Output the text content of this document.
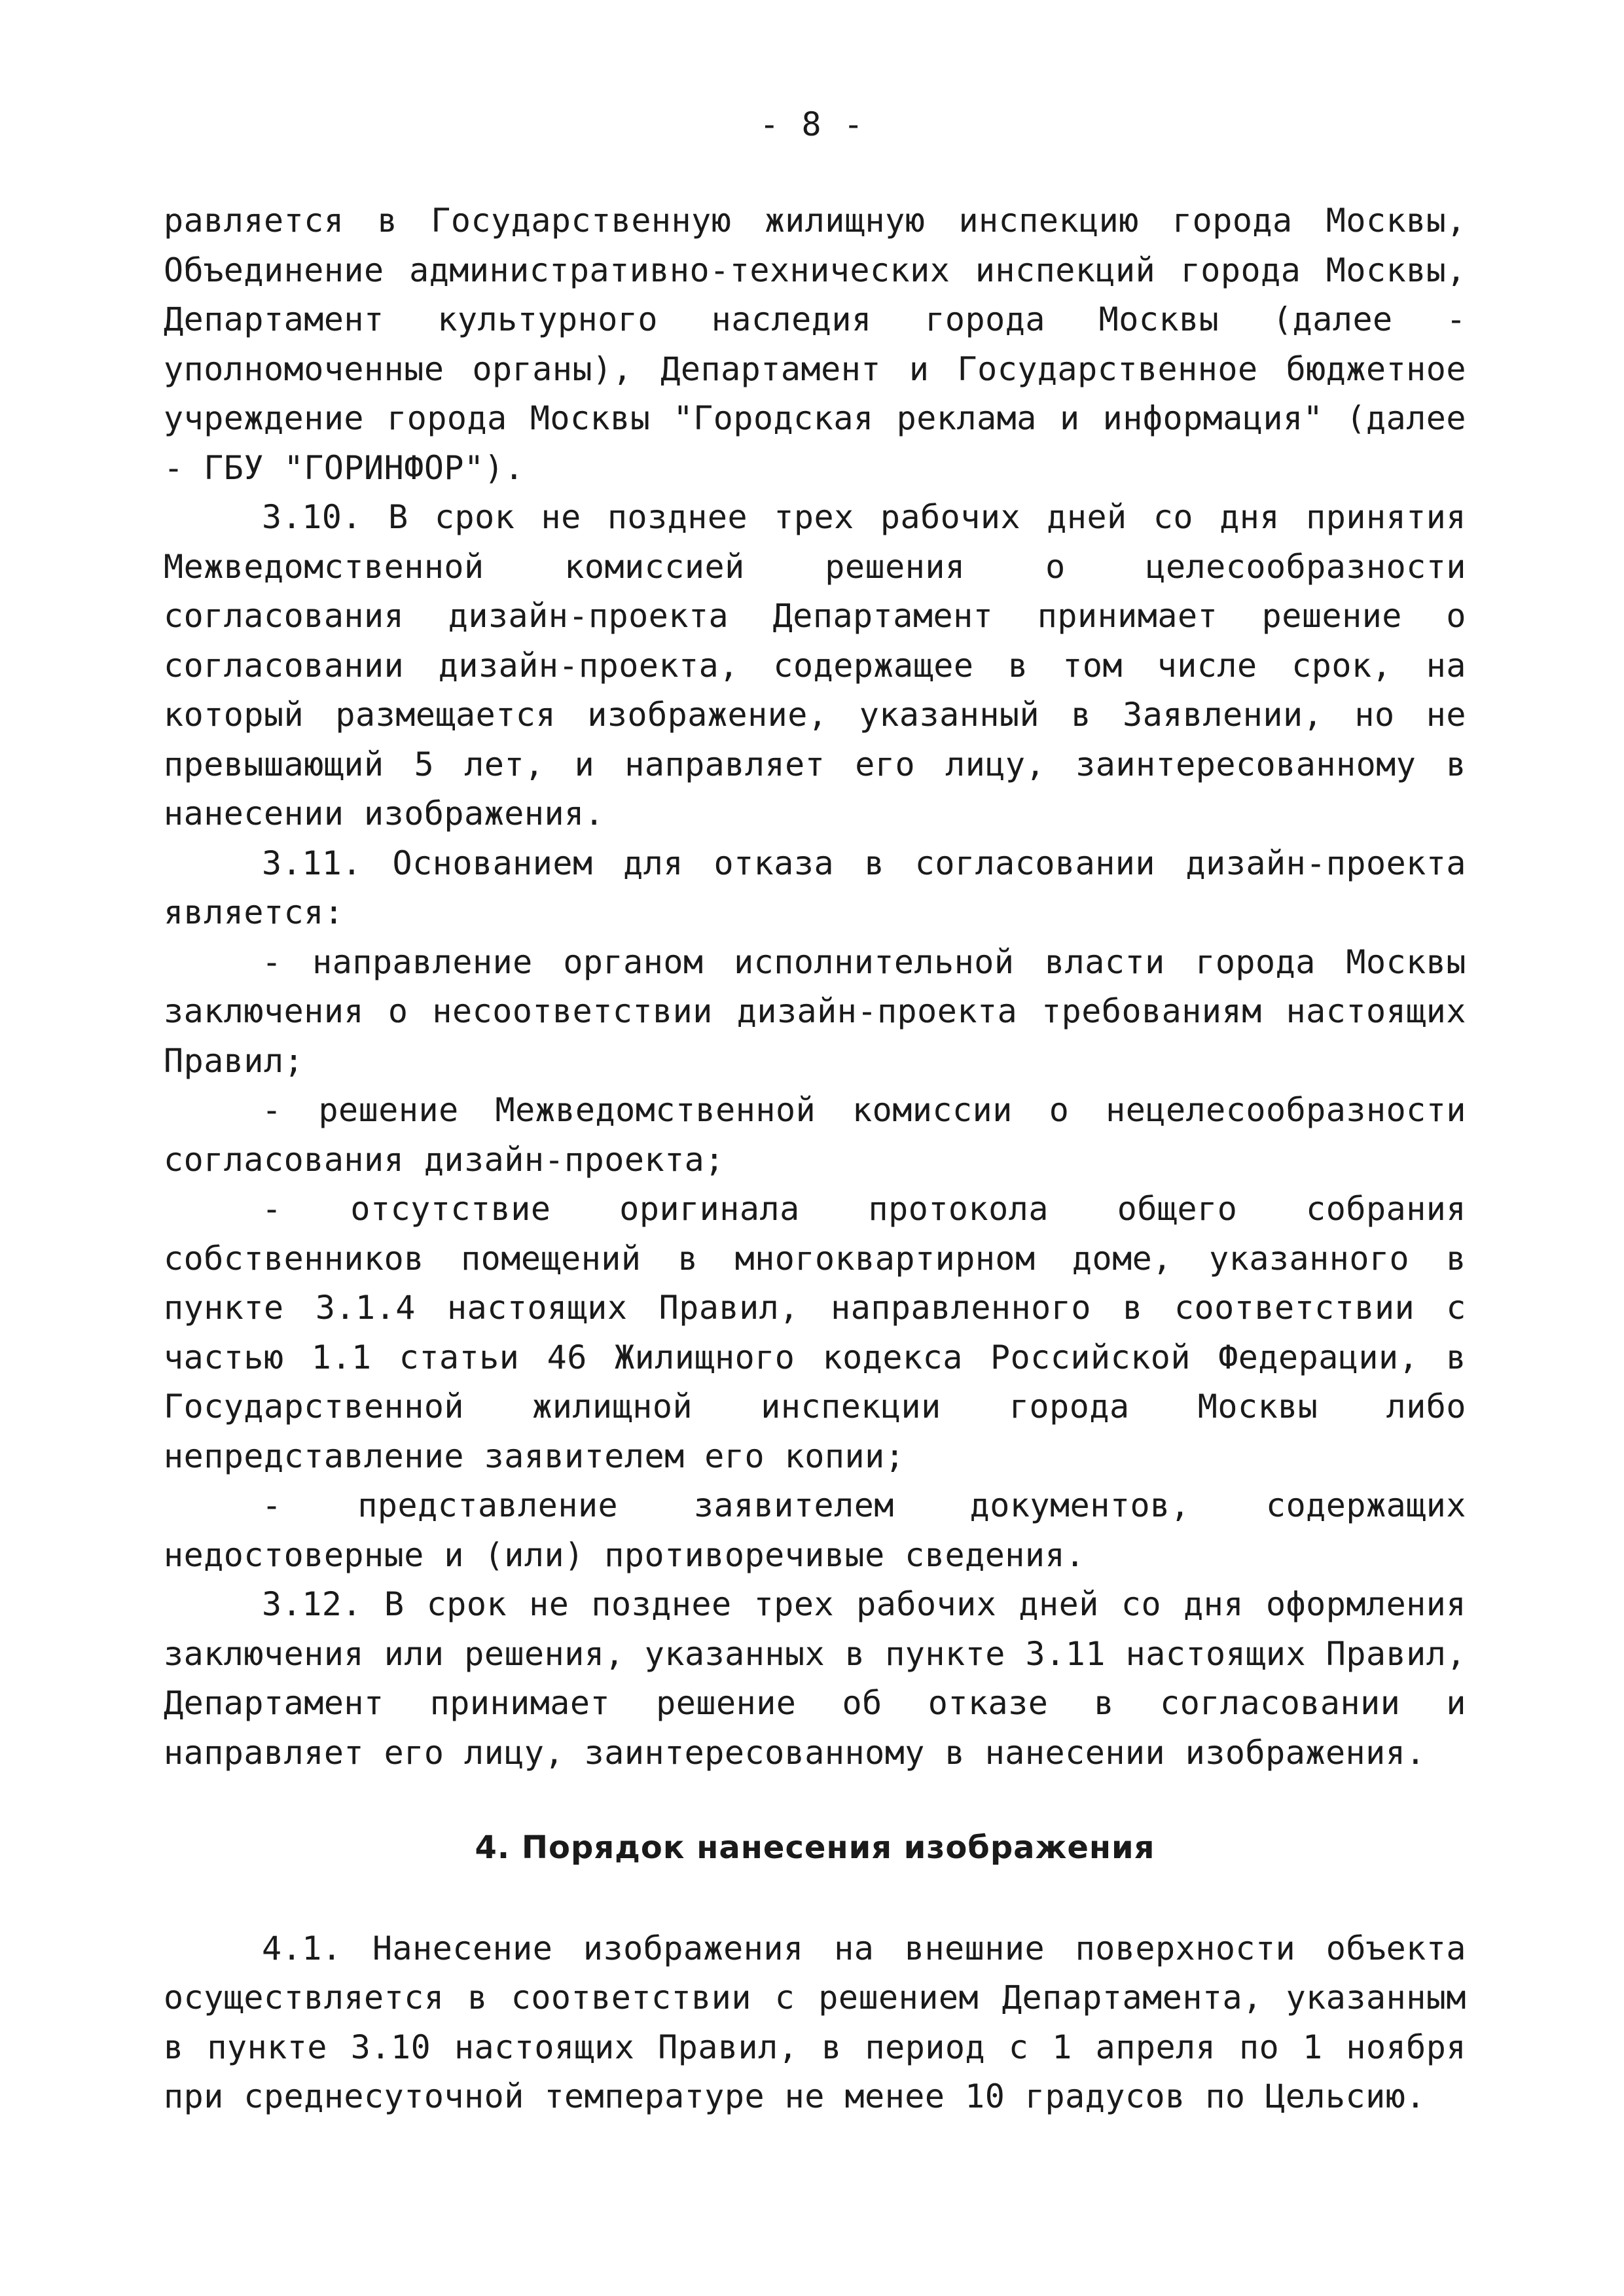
- 8 -

равляется в Государственную жилищную инспекцию города Москвы, Объединение административно-технических инспекций города Москвы, Департамент культурного наследия города Москвы (далее - уполномоченные органы), Департамент и Государственное бюджетное учреждение города Москвы "Городская реклама и информация" (далее - ГБУ "ГОРИНФОР").

3.10. В срок не позднее трех рабочих дней со дня принятия Межведомственной комиссией решения о целесообразности согласования дизайн-проекта Департамент принимает решение о согласовании дизайн-проекта, содержащее в том числе срок, на который размещается изображение, указанный в Заявлении, но не превышающий 5 лет, и направляет его лицу, заинтересованному в нанесении изображения.

3.11. Основанием для отказа в согласовании дизайн-проекта является:

- направление органом исполнительной власти города Москвы заключения о несоответствии дизайн-проекта требованиям настоящих Правил;

- решение Межведомственной комиссии о нецелесообразности согласования дизайн-проекта;

- отсутствие оригинала протокола общего собрания собственников помещений в многоквартирном доме, указанного в пункте 3.1.4 настоящих Правил, направленного в соответствии с частью 1.1 статьи 46 Жилищного кодекса Российской Федерации, в Государственной жилищной инспекции города Москвы либо непредставление заявителем его копии;

- представление заявителем документов, содержащих недостоверные и (или) противоречивые сведения.

3.12. В срок не позднее трех рабочих дней со дня оформления заключения или решения, указанных в пункте 3.11 настоящих Правил, Департамент принимает решение об отказе в согласовании и направляет его лицу, заинтересованному в нанесении изображения.

4. Порядок нанесения изображения

4.1. Нанесение изображения на внешние поверхности объекта осуществляется в соответствии с решением Департамента, указанным в пункте 3.10 настоящих Правил, в период с 1 апреля по 1 ноября при среднесуточной температуре не менее 10 градусов по Цельсию.
